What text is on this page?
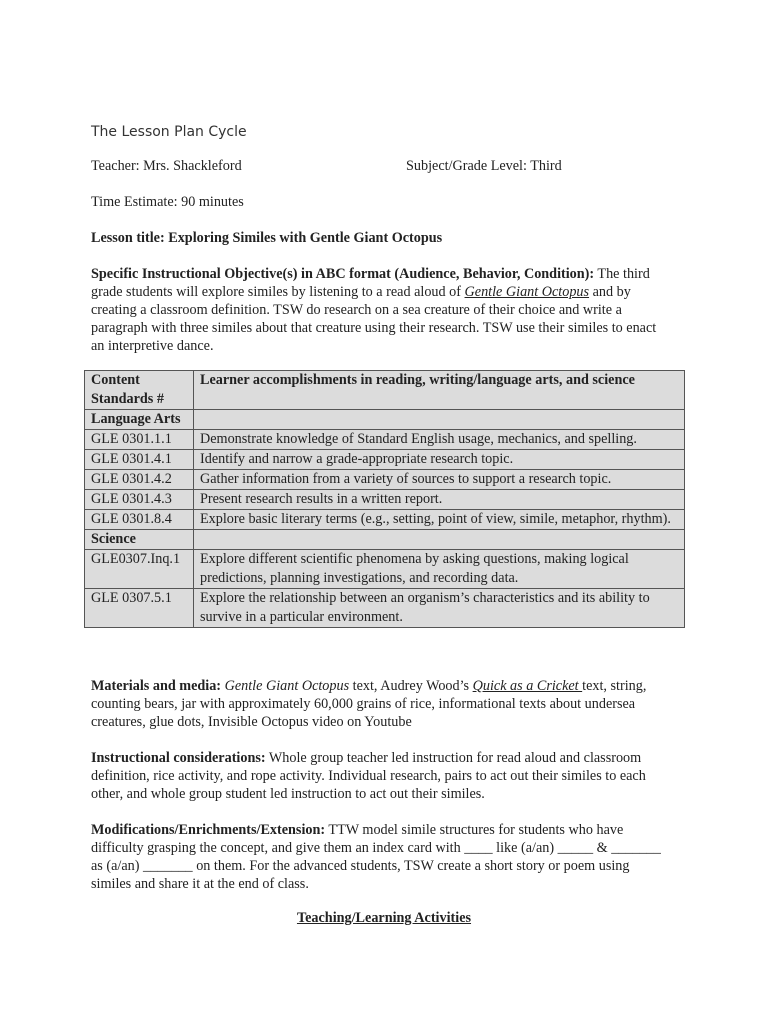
The Lesson Plan Cycle
Teacher: Mrs. Shackleford	Subject/Grade Level: Third
Time Estimate: 90 minutes
Lesson title: Exploring Similes with Gentle Giant Octopus
Specific Instructional Objective(s) in ABC format (Audience, Behavior, Condition): The third grade students will explore similes by listening to a read aloud of Gentle Giant Octopus and by creating a classroom definition. TSW do research on a sea creature of their choice and write a paragraph with three similes about that creature using their research. TSW use their similes to enact an interpretive dance.
Content Standards #	Learner accomplishments in reading, writing/language arts, and science
Language Arts	
GLE 0301.1.1	Demonstrate knowledge of Standard English usage, mechanics, and spelling.
GLE 0301.4.1	Identify and narrow a grade-appropriate research topic.
GLE 0301.4.2	Gather information from a variety of sources to support a research topic.
GLE 0301.4.3	Present research results in a written report.
GLE 0301.8.4	Explore basic literary terms (e.g., setting, point of view, simile, metaphor, rhythm).
Science	
GLE0307.Inq.1	Explore different scientific phenomena by asking questions, making logical predictions, planning investigations, and recording data.
GLE 0307.5.1	Explore the relationship between an organism’s characteristics and its ability to survive in a particular environment.
Materials and media: Gentle Giant Octopus text, Audrey Wood’s Quick as a Cricket text, string, counting bears, jar with approximately 60,000 grains of rice, informational texts about undersea creatures, glue dots, Invisible Octopus video on Youtube
Instructional considerations: Whole group teacher led instruction for read aloud and classroom definition, rice activity, and rope activity. Individual research, pairs to act out their similes to each other, and whole group student led instruction to act out their similes.
Modifications/Enrichments/Extension: TTW model simile structures for students who have difficulty grasping the concept, and give them an index card with ____ like (a/an) _____ & _______ as (a/an) _______ on them. For the advanced students, TSW create a short story or poem using similes and share it at the end of class.
Teaching/Learning Activities
